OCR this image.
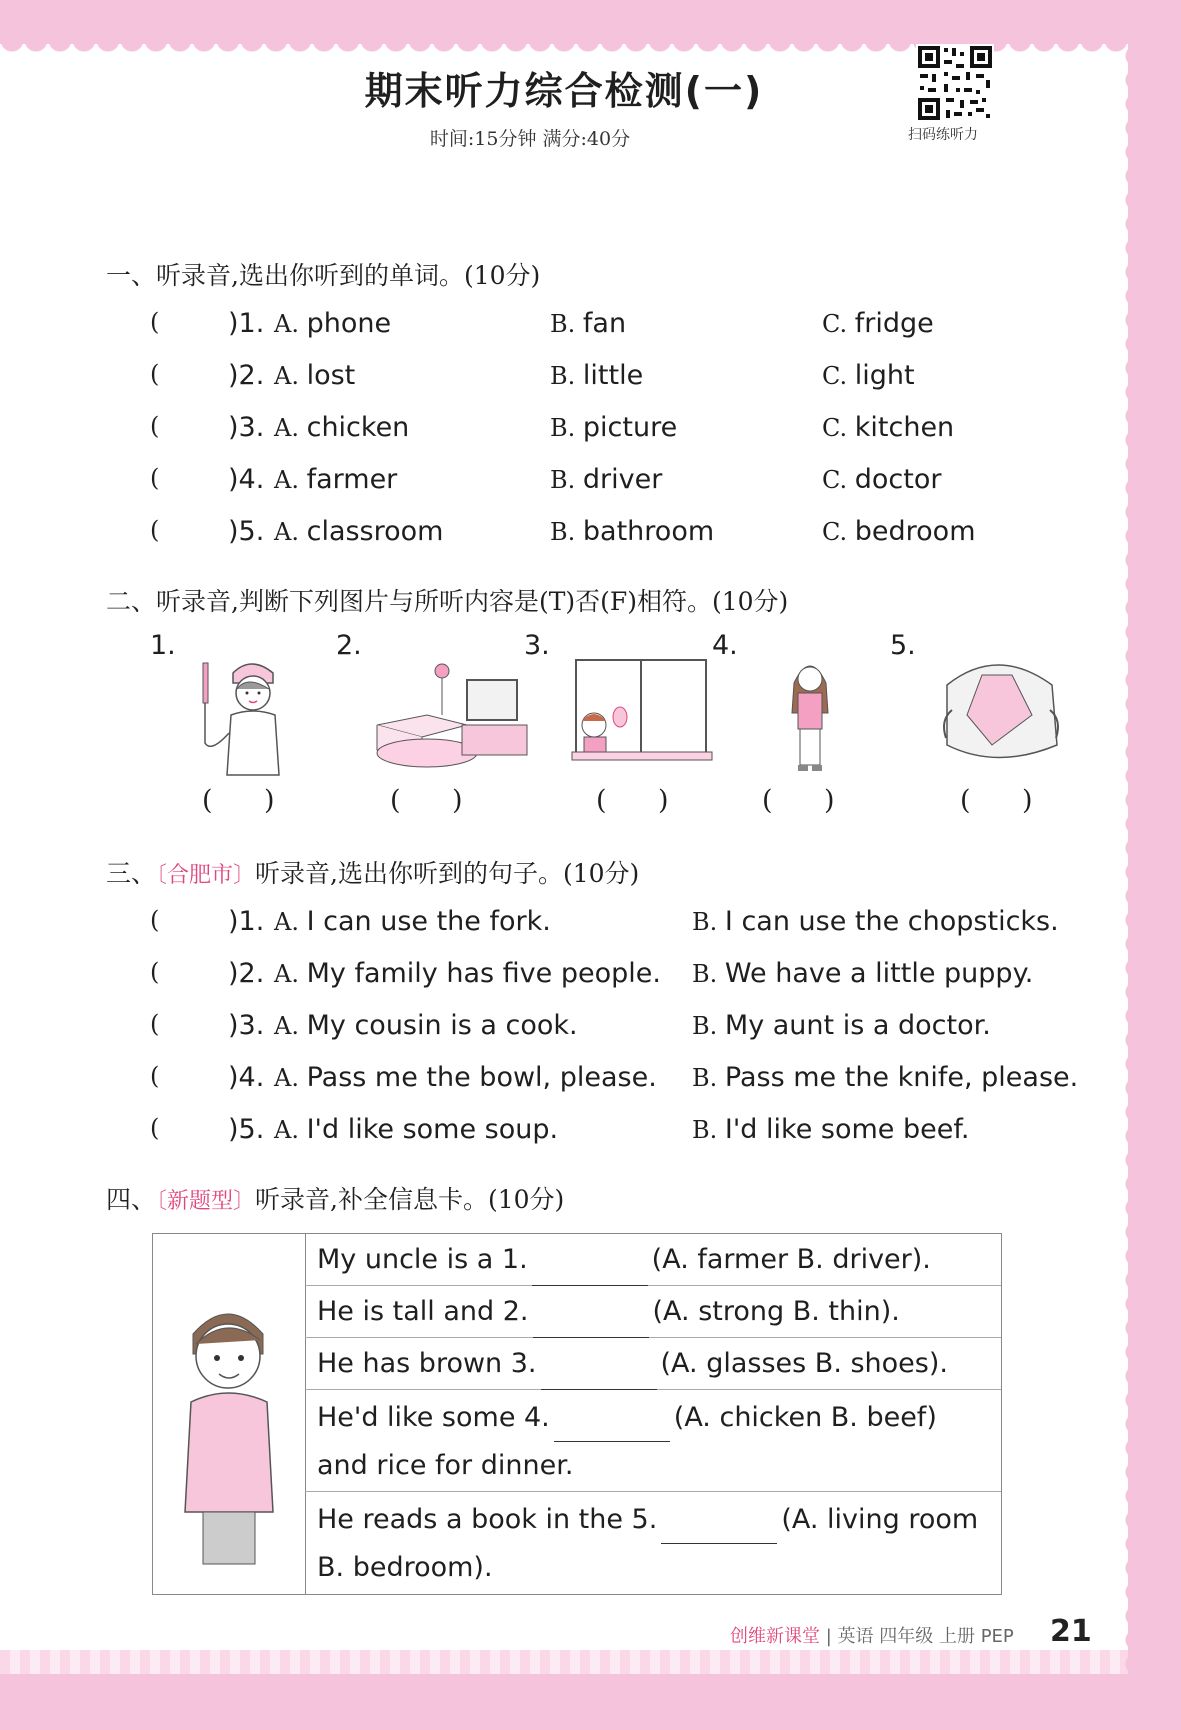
期末听力综合检测(一)
时间:15分钟 满分:40分	扫码练听力
一、听录音,选出你听到的单词。(10分)
(	)1. A. phone	B. fan	C. fridge
(	)2. A. lost	B. little	C. light
(	)3. A. chicken	B. picture	C. kitchen
(	)4. A. farmer	B. driver	C. doctor
(	)5. A. classroom	B. bathroom	C. bedroom
二、听录音,判断下列图片与所听内容是(T)否(F)相符。(10分)
1.	2.	3.	4.	5.
(      )	(      )	(      )	(      )	(      )
三、〔合肥市〕听录音,选出你听到的句子。(10分)
(	)1. A. I can use the fork.	B. I can use the chopsticks.
(	)2. A. My family has five people. B. We have a little puppy.
(	)3. A. My cousin is a cook.	B. My aunt is a doctor.
(	)4. A. Pass me the bowl, please. B. Pass me the knife, please.
(	)5. A. I'd like some soup.	B. I'd like some beef.
四、〔新题型〕听录音,补全信息卡。(10分)
My uncle is a 1.	(A. farmer B. driver).
He is tall and 2.	(A. strong B. thin).
He has brown 3.	(A. glasses B. shoes).
He'd like some 4.	(A. chicken B. beef)
and rice for dinner.
He reads a book in the 5.	(A. living room
B. bedroom).
创维新课堂 | 英语 四年级 上册 PEP 21
